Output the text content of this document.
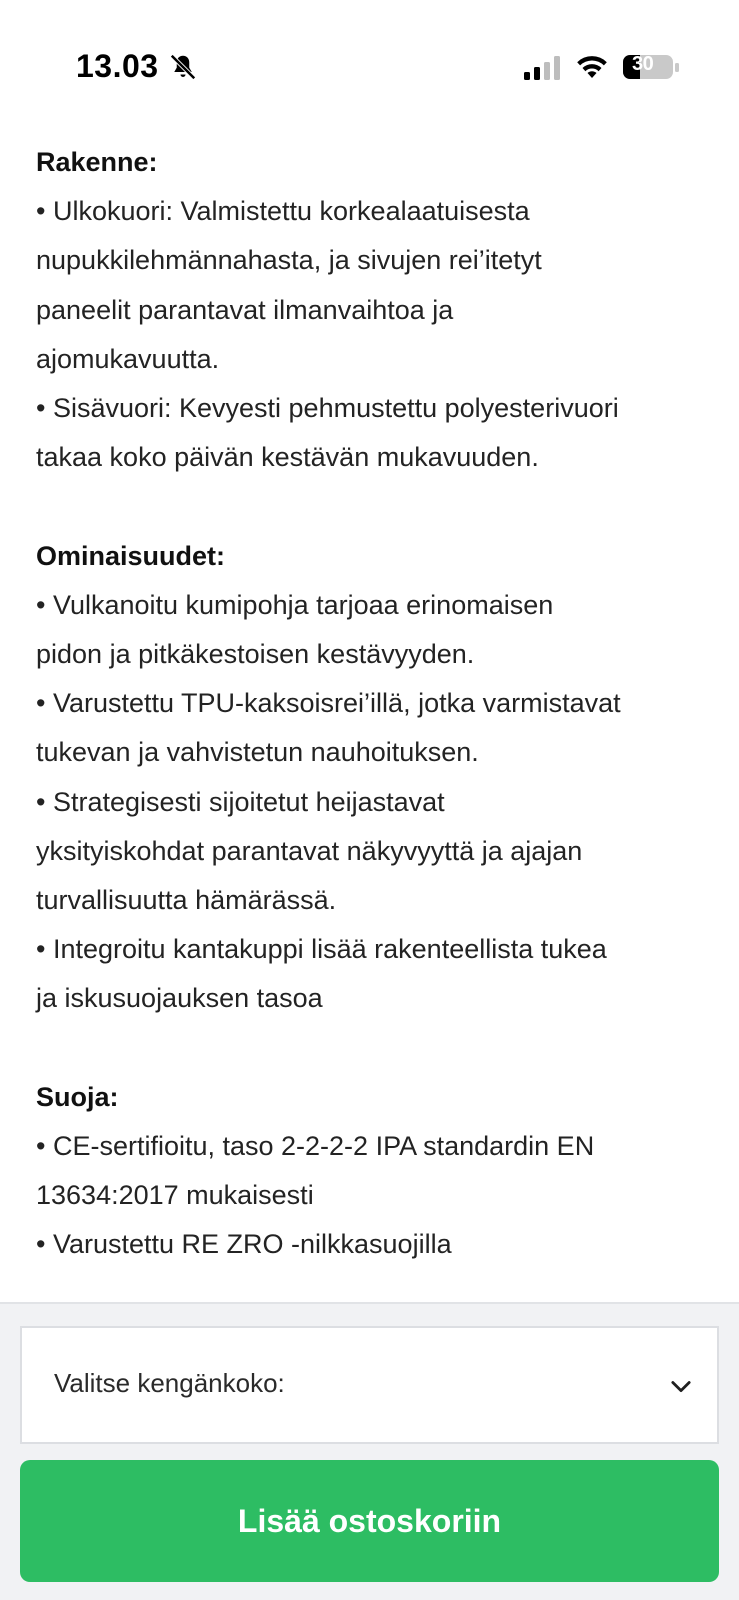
13.03	30
Rakenne:
• Ulkokuori: Valmistettu korkealaatuisesta
nupukkilehmännahasta, ja sivujen rei’itetyt
paneelit parantavat ilmanvaihtoa ja
ajomukavuutta.
• Sisävuori: Kevyesti pehmustettu polyesterivuori
takaa koko päivän kestävän mukavuuden.
Ominaisuudet:
• Vulkanoitu kumipohja tarjoaa erinomaisen
pidon ja pitkäkestoisen kestävyyden.
• Varustettu TPU-kaksoisrei’illä, jotka varmistavat
tukevan ja vahvistetun nauhoituksen.
• Strategisesti sijoitetut heijastavat
yksityiskohdat parantavat näkyvyyttä ja ajajan
turvallisuutta hämärässä.
• Integroitu kantakuppi lisää rakenteellista tukea
ja iskusuojauksen tasoa
Suoja:
• CE-sertifioitu, taso 2-2-2-2 IPA standardin EN
13634:2017 mukaisesti
• Varustettu RE ZRO -nilkkasuojilla
Valitse kengänkoko:
Lisää ostoskoriin
